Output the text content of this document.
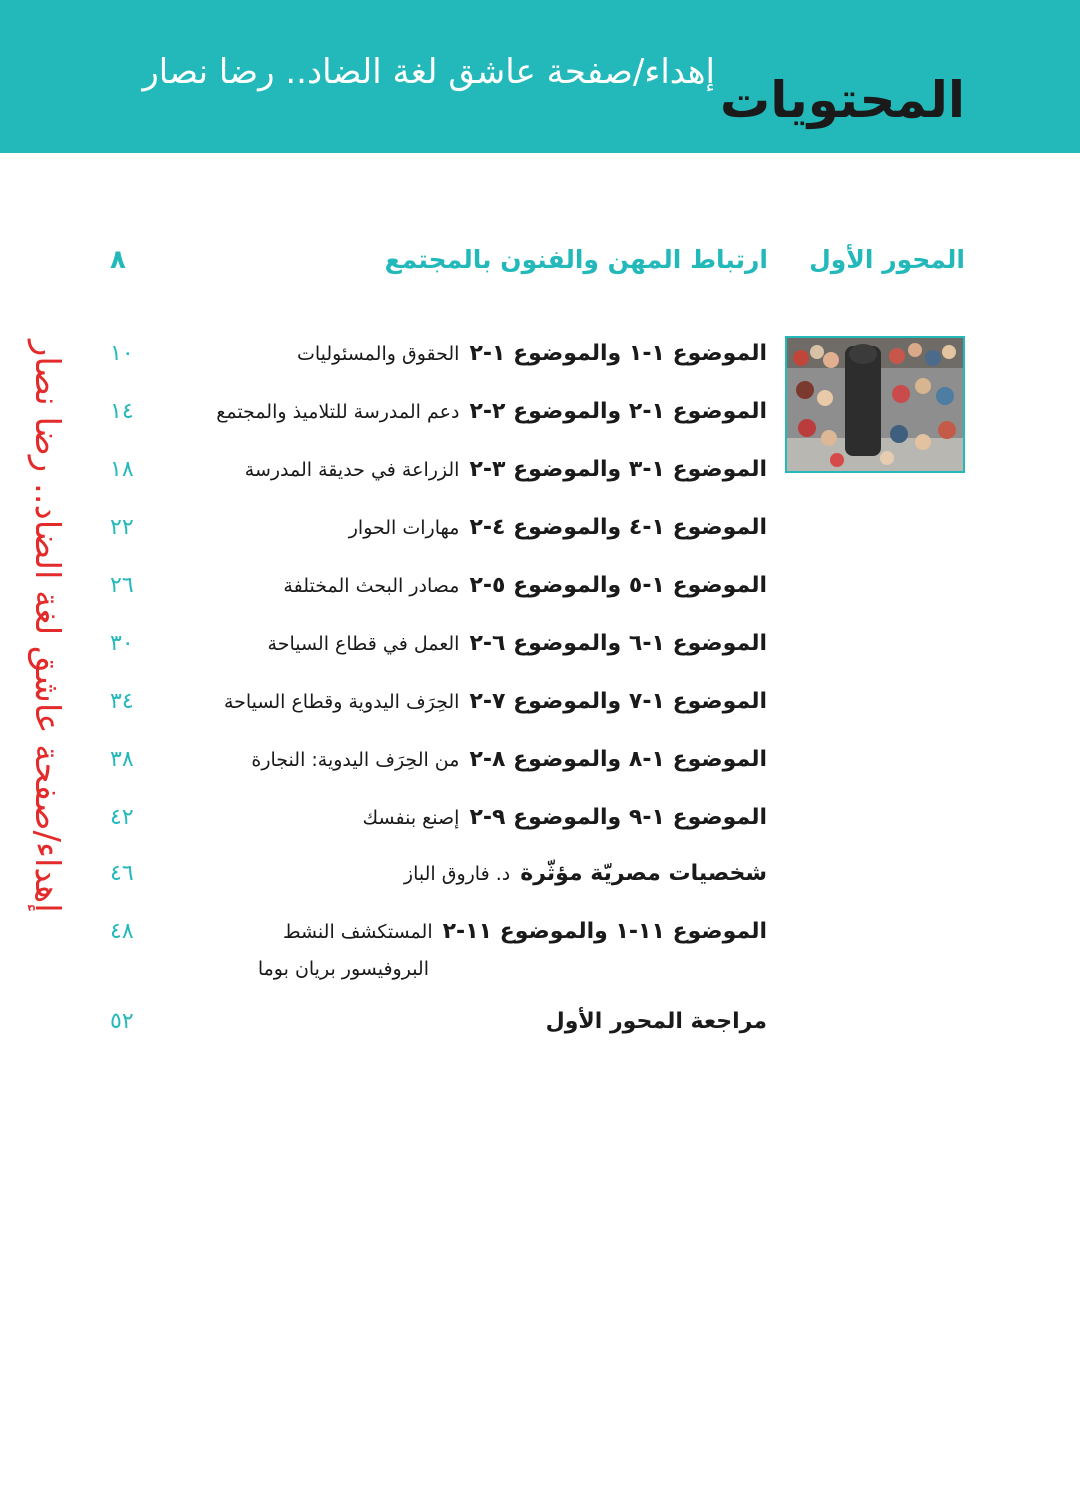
إهداء/صفحة عاشق لغة الضاد.. رضا نصار المحتويات
إهداء/صفحة عاشق لغة الضاد.. رضا نصار
المحور الأول
ارتباط المهن والفنون بالمجتمع
٨
الموضوع ١-١ والموضوع ١-٢الحقوق والمسئوليات
١٠
الموضوع ١-٢ والموضوع ٢-٢دعم المدرسة للتلاميذ والمجتمع
١٤
الموضوع ١-٣ والموضوع ٣-٢الزراعة في حديقة المدرسة
١٨
الموضوع ١-٤ والموضوع ٤-٢مهارات الحوار
٢٢
الموضوع ١-٥ والموضوع ٥-٢مصادر البحث المختلفة
٢٦
الموضوع ١-٦ والموضوع ٦-٢العمل في قطاع السياحة
٣٠
الموضوع ١-٧ والموضوع ٧-٢الحِرَف اليدوية وقطاع السياحة
٣٤
الموضوع ١-٨ والموضوع ٨-٢من الحِرَف اليدوية: النجارة
٣٨
الموضوع ١-٩ والموضوع ٩-٢إصنع بنفسك
٤٢
شخصيات مصريّة مؤثّرةد. فاروق الباز
٤٦
الموضوع ١١-١ والموضوع ١١-٢المستكشف النشط
البروفيسور بريان بوما
٤٨
مراجعة المحور الأول
٥٢
